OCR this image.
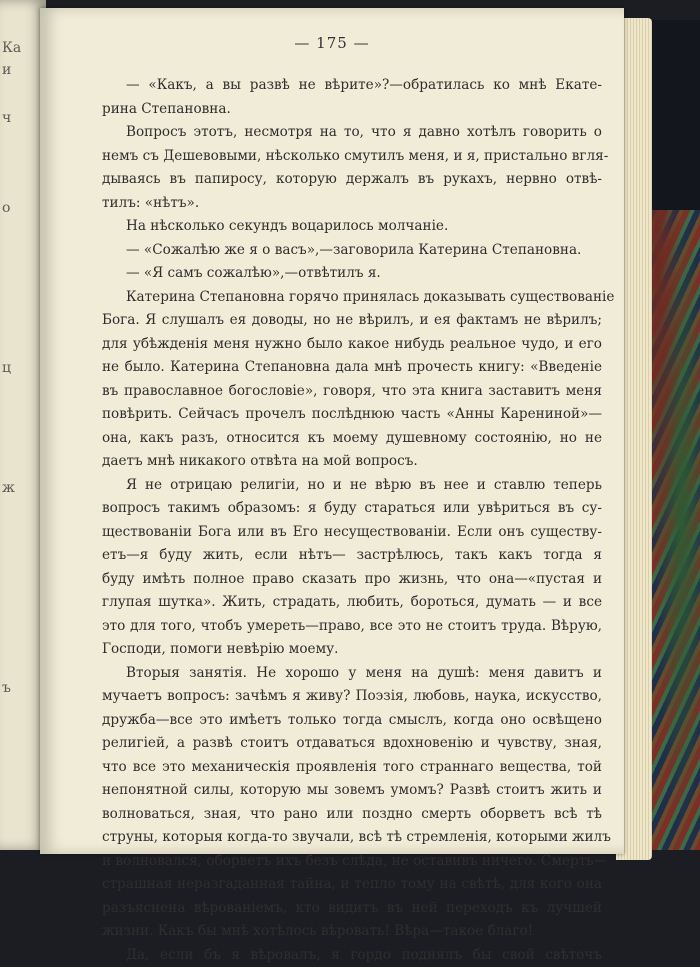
Ка
и
ч
о
ц
ж
ъ
— 175 —
— «Какъ, а вы развѣ не вѣрите»?—обратилась ко мнѣ Екате-
рина Степановна.
Вопросъ этотъ, несмотря на то, что я давно хотѣлъ говорить о
немъ съ Дешевовыми, нѣсколько смутилъ меня, и я, пристально вгля-
дываясь въ папиросу, которую держалъ въ рукахъ, нервно отвѣ-
тилъ: «нѣтъ».
На нѣсколько секундъ воцарилось молчаніе.
— «Сожалѣю же я о васъ»,—заговорила Катерина Степановна.
— «Я самъ сожалѣю»,—отвѣтилъ я.
Катерина Степановна горячо принялась доказывать существованіе
Бога. Я слушалъ ея доводы, но не вѣрилъ, и ея фактамъ не вѣрилъ;
для убѣжденія меня нужно было какое нибудь реальное чудо, и его
не было. Катерина Степановна дала мнѣ прочесть книгу: «Введеніе
въ православное богословіе», говоря, что эта книга заставитъ меня
повѣрить. Сейчасъ прочелъ послѣднюю часть «Анны Карениной»—
она, какъ разъ, относится къ моему душевному состоянію, но не
даетъ мнѣ никакого отвѣта на мой вопросъ.
Я не отрицаю религіи, но и не вѣрю въ нее и ставлю теперь
вопросъ такимъ образомъ: я буду стараться или увѣриться въ су-
ществованіи Бога или въ Его несуществованіи. Если онъ существу-
етъ—я буду жить, если нѣтъ— застрѣлюсь, такъ какъ тогда я
буду имѣть полное право сказать про жизнь, что она—«пустая и
глупая шутка». Жить, страдать, любить, бороться, думать — и все
это для того, чтобъ умереть—право, все это не стоитъ труда. Вѣрую,
Господи, помоги невѣрію моему.
Вторыя занятія. Не хорошо у меня на душѣ: меня давитъ и
мучаетъ вопросъ: зачѣмъ я живу? Поэзія, любовь, наука, искусство,
дружба—все это имѣетъ только тогда смыслъ, когда оно освѣщено
религіей, а развѣ стоитъ отдаваться вдохновенію и чувству, зная,
что все это механическія проявленія того страннаго вещества, той
непонятной силы, которую мы зовемъ умомъ? Развѣ стоитъ жить и
волноваться, зная, что рано или поздно смерть оборветъ всѣ тѣ
струны, которыя когда-то звучали, всѣ тѣ стремленія, которыми жилъ
и волновался, оборветъ ихъ безъ слѣда, не оставивъ ничего. Смерть—
страшная неразгаданная тайна, и тепло тому на свѣтѣ, для кого она
разъяснена вѣрованіемъ, кто видитъ въ ней переходъ къ лучшей
жизни. Какъ бы мнѣ хотѣлось вѣровать! Вѣра—такое благо!
Да, если бъ я вѣровалъ, я гордо поднялъ бы свой свѣточъ
